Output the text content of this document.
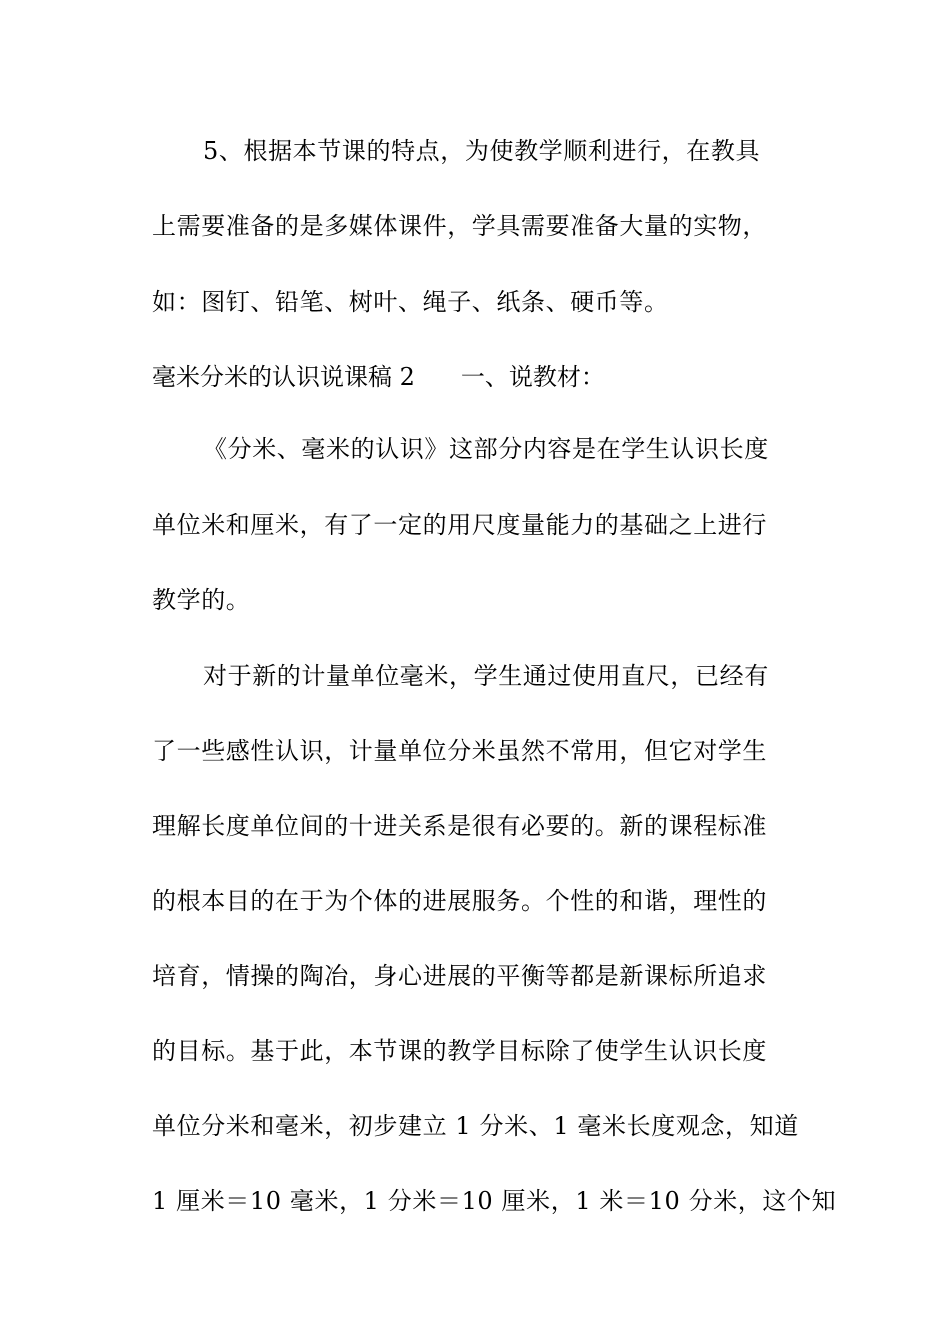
5、根据本节课的特点，为使教学顺利进行，在教具
上需要准备的是多媒体课件，学具需要准备大量的实物，
如：图钉、铅笔、树叶、绳子、纸条、硬币等。
毫米分米的认识说课稿 2 一、说教材：
《分米、毫米的认识》这部分内容是在学生认识长度
单位米和厘米，有了一定的用尺度量能力的基础之上进行
教学的。
对于新的计量单位毫米，学生通过使用直尺，已经有
了一些感性认识，计量单位分米虽然不常用，但它对学生
理解长度单位间的十进关系是很有必要的。新的课程标准
的根本目的在于为个体的进展服务。个性的和谐，理性的
培育，情操的陶冶，身心进展的平衡等都是新课标所追求
的目标。基于此，本节课的教学目标除了使学生认识长度
单位分米和毫米，初步建立 1 分米、1 毫米长度观念，知道
1 厘米＝10 毫米，1 分米＝10 厘米，1 米＝10 分米，这个知
